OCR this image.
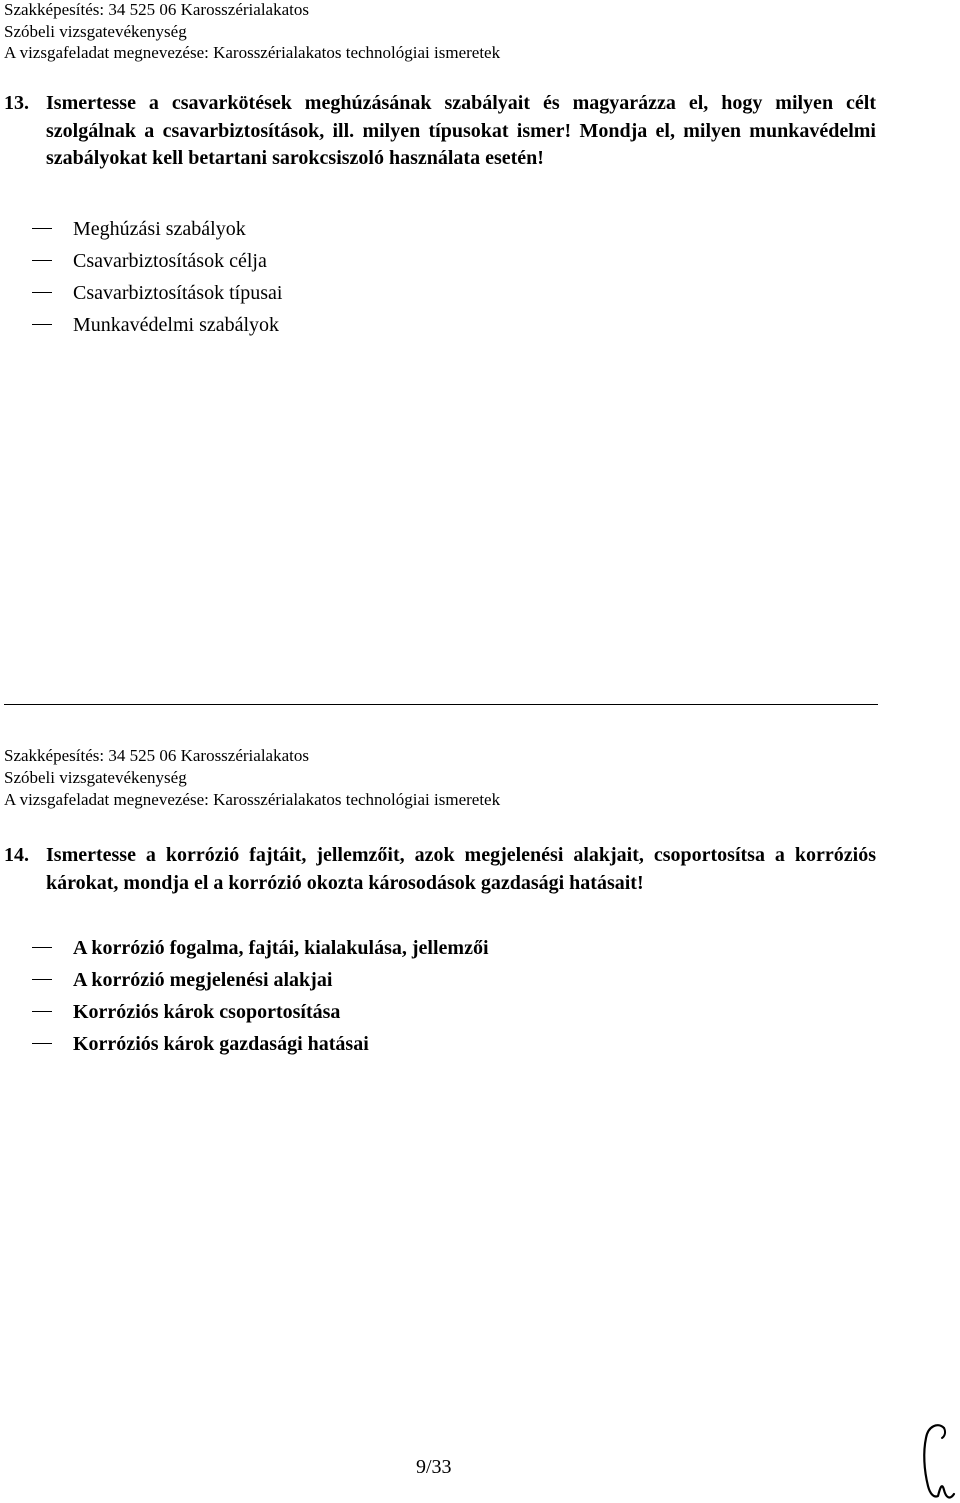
Szakképesítés: 34 525 06 Karosszérialakatos
Szóbeli vizsgatevékenység
A vizsgafeladat megnevezése: Karosszérialakatos technológiai ismeretek
13. Ismertesse a csavarkötések meghúzásának szabályait és magyarázza el, hogy milyen célt szolgálnak a csavarbiztosítások, ill. milyen típusokat ismer! Mondja el, milyen munkavédelmi szabályokat kell betartani sarokcsiszoló használata esetén!
Meghúzási szabályok
Csavarbiztosítások célja
Csavarbiztosítások típusai
Munkavédelmi szabályok
Szakképesítés: 34 525 06 Karosszérialakatos
Szóbeli vizsgatevékenység
A vizsgafeladat megnevezése: Karosszérialakatos technológiai ismeretek
14. Ismertesse a korrózió fajtáit, jellemzőit, azok megjelenési alakjait, csoportosítsa a korróziós károkat, mondja el a korrózió okozta károsodások gazdasági hatásait!
A korrózió fogalma, fajtái, kialakulása, jellemzői
A korrózió megjelenési alakjai
Korróziós károk csoportosítása
Korróziós károk gazdasági hatásai
9/33
